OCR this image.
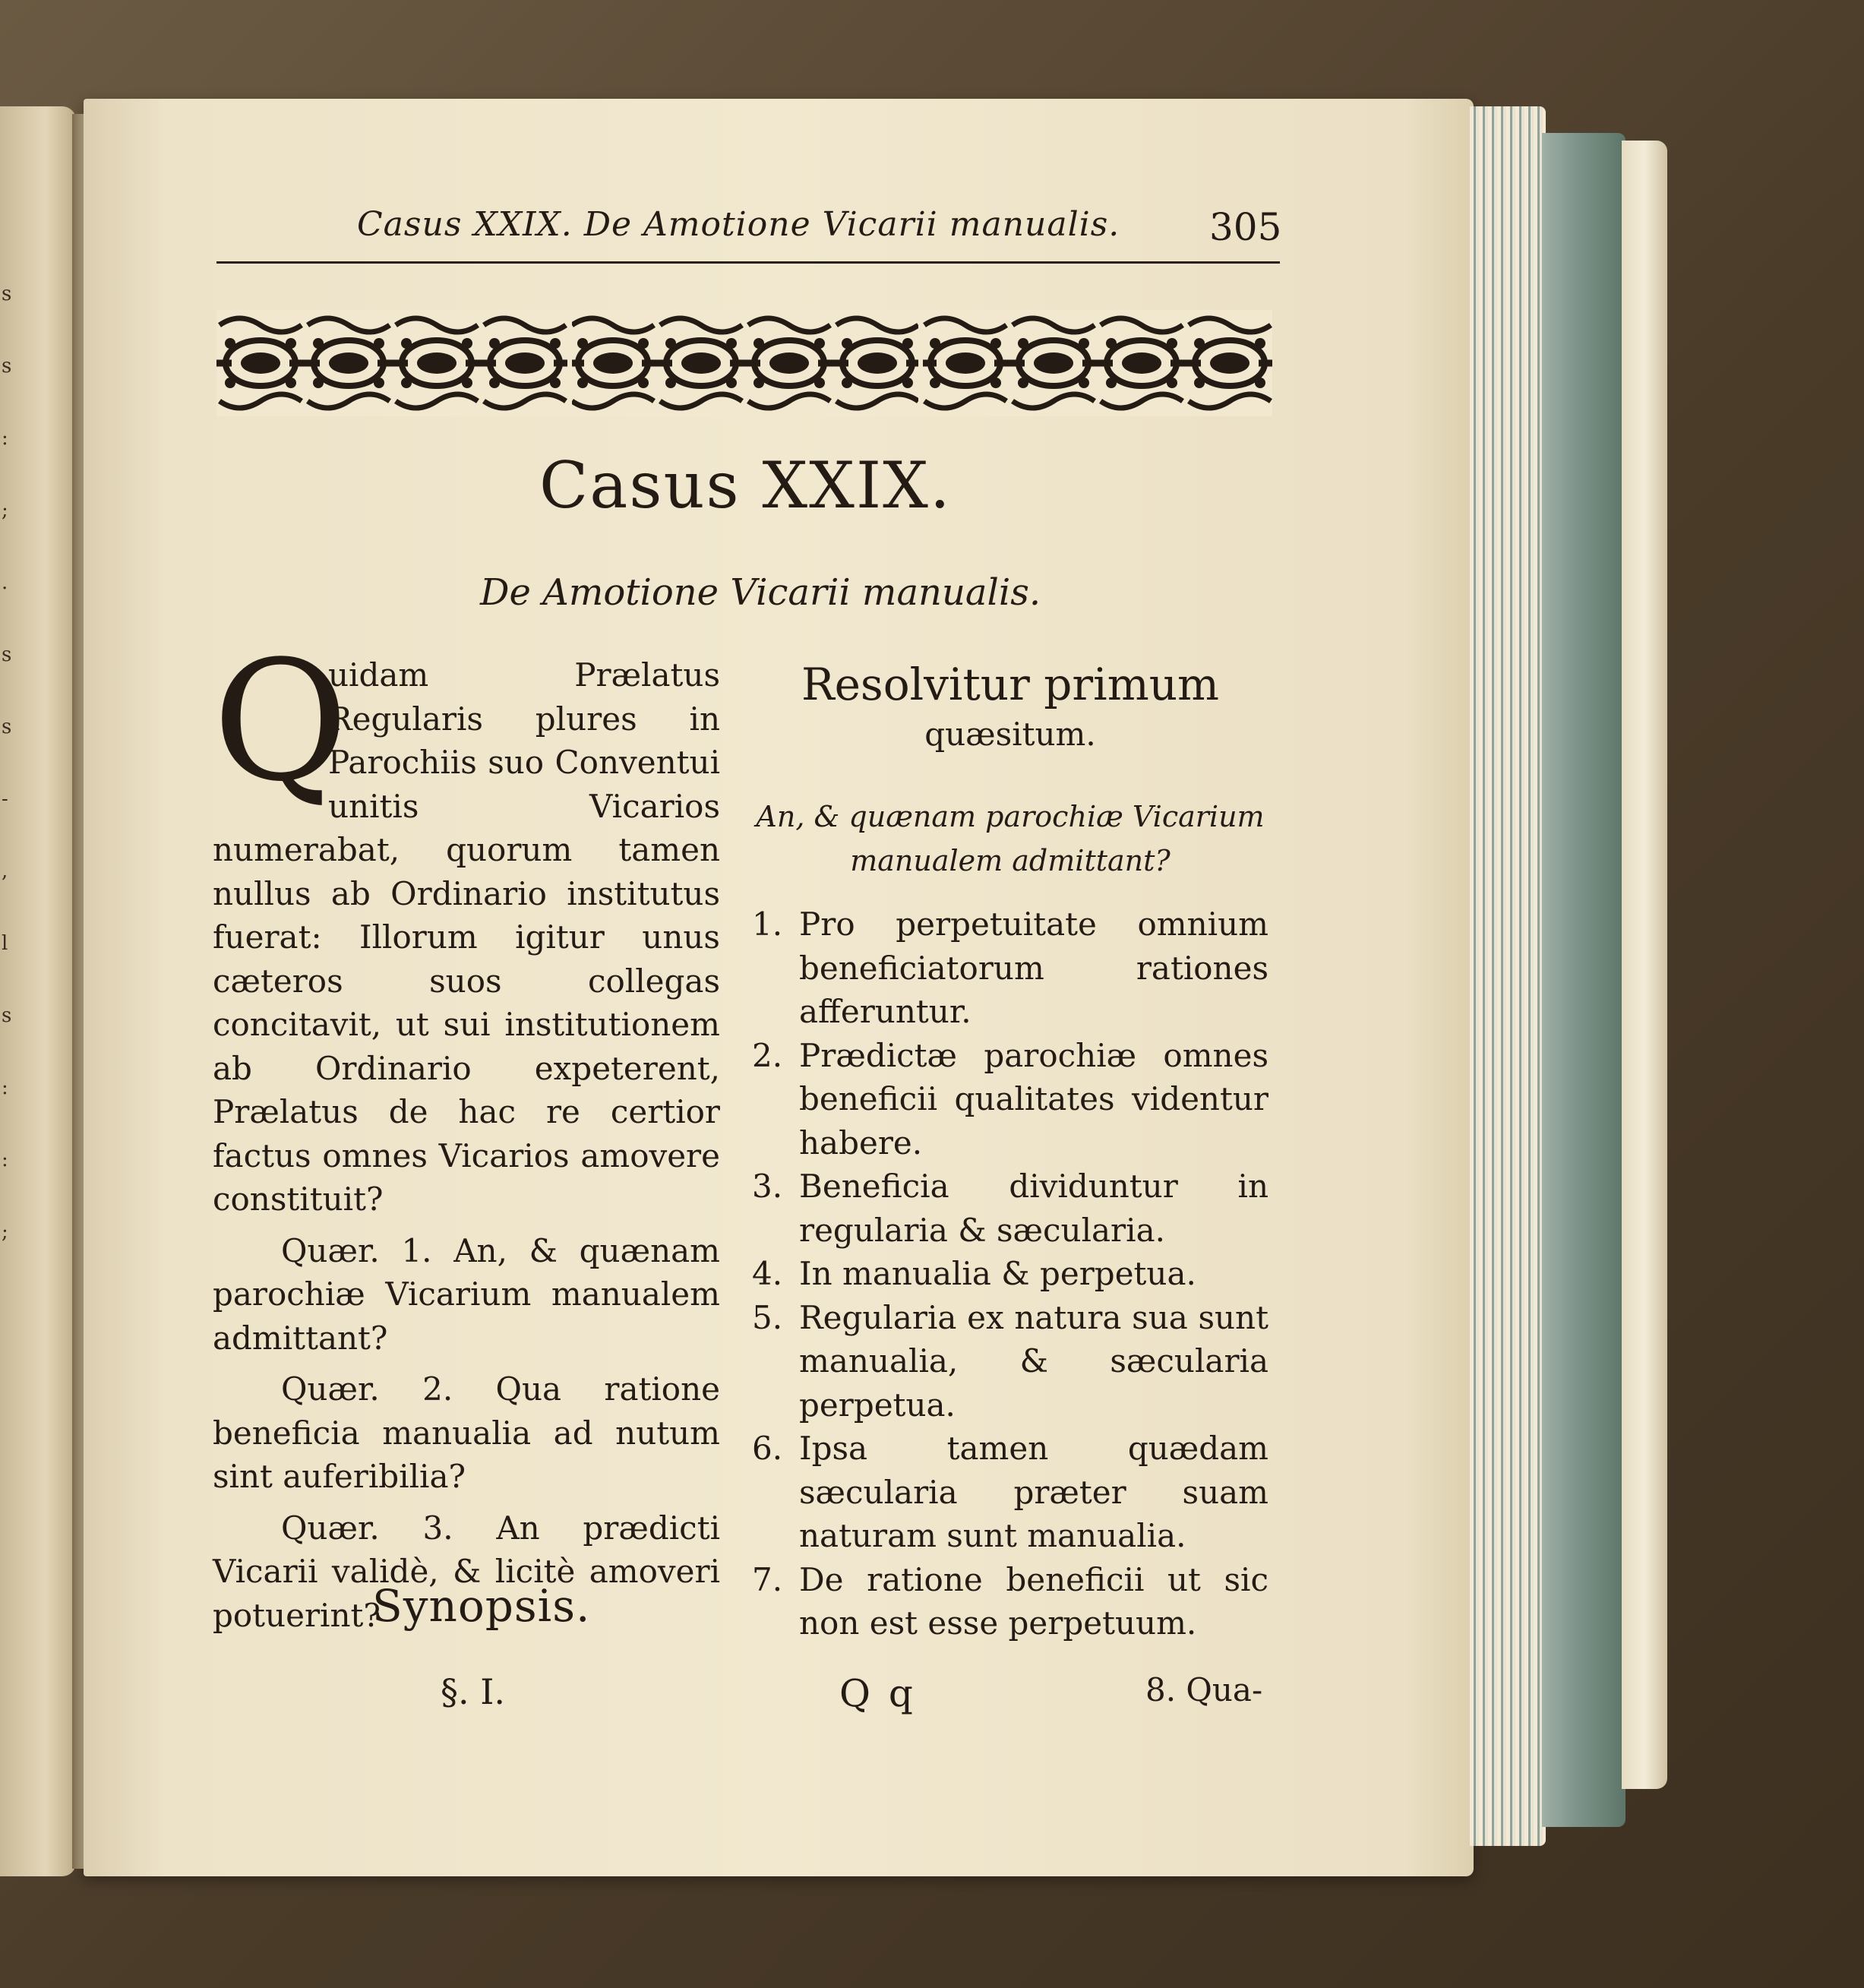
s
s
:
;
.
s
s
-
,
l
s
:
:
;
Casus XXIX. De Amotione Vicarii manualis. 305
Casus XXIX.
De Amotione Vicarii manualis.
Q
uidam Prælatus Regularis plures in Parochiis suo Conventui unitis Vicarios numerabat, quorum tamen nullus ab Ordinario institutus fuerat: Illorum igitur unus cæteros suos collegas concitavit, ut sui institutionem ab Ordinario expeterent, Prælatus de hac re certior factus omnes Vicarios amovere constituit?
Quær. 1. An, & quænam parochiæ Vicarium manualem admittant?
Quær. 2. Qua ratione beneficia manualia ad nutum sint auferibilia?
Quær. 3. An prædicti Vicarii validè, & licitè amoveri potuerint?
Synopsis.
§. I.
Resolvitur primum
quæsitum.
An, & quænam parochiæ Vicarium manualem admittant?
1. Pro perpetuitate omnium beneficiatorum rationes afferuntur.
2. Prædictæ parochiæ omnes beneficii qualitates videntur habere.
3. Beneficia dividuntur in regularia & sæcularia.
4. In manualia & perpetua.
5. Regularia ex natura sua sunt manualia, & sæcularia perpetua.
6. Ipsa tamen quædam sæcularia præter suam naturam sunt manualia.
7. De ratione beneficii ut sic non est esse perpetuum.
Q q	8. Qua-
